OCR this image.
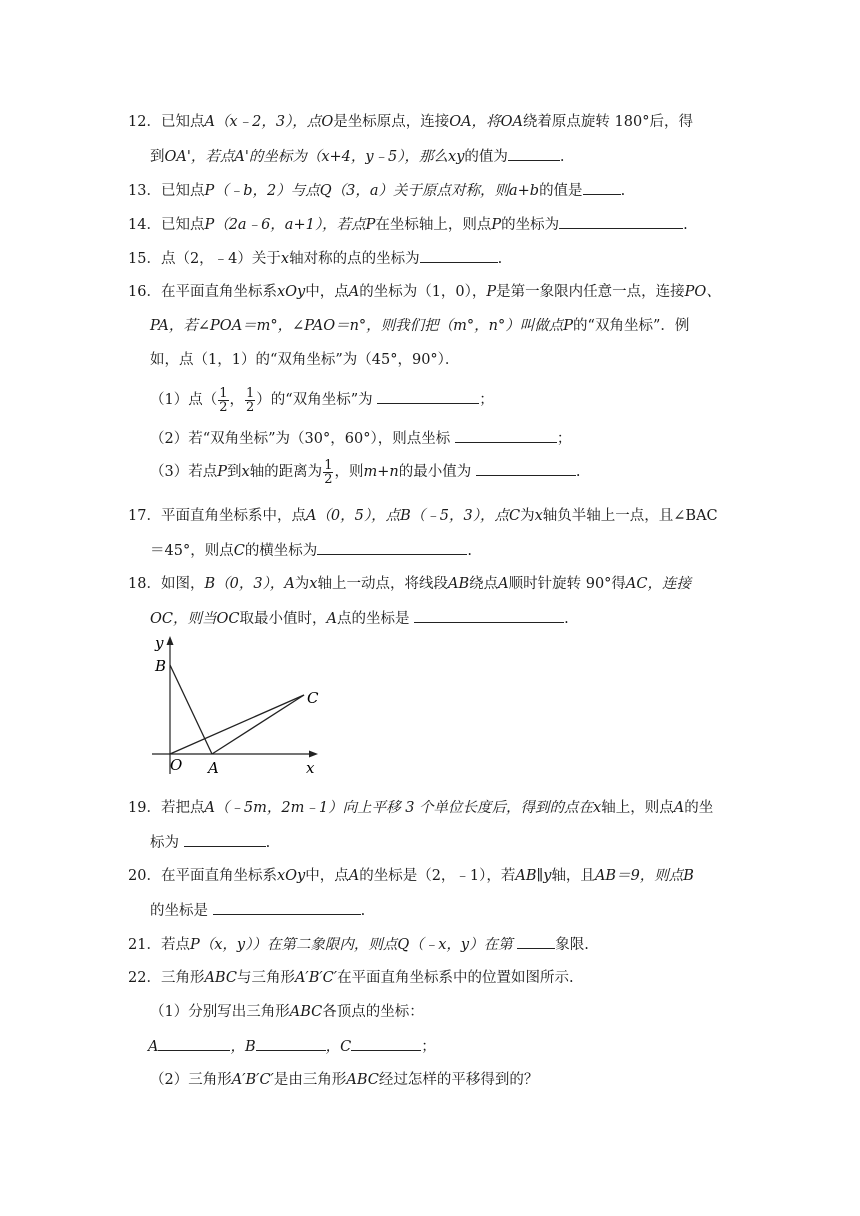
12．已知点A（x﹣2，3），点O是坐标原点，连接OA，将OA绕着原点旋转 180°后，得
到OA'，若点A'的坐标为（x+4，y﹣5），那么xy的值为	.
13．已知点P（﹣b，2）与点Q（3，a）关于原点对称，则a+b的值是	.
14．已知点P（2a﹣6，a+1），若点P在坐标轴上，则点P的坐标为	.
15．点（2，﹣4）关于x轴对称的点的坐标为	.
16．在平面直角坐标系xOy中，点A的坐标为（1，0），P是第一象限内任意一点，连接PO、
PA，若∠POA＝m°，∠PAO＝n°，则我们把（m°，n°）叫做点P的“双角坐标”．例
如，点（1，1）的“双角坐标”为（45°，90°）．
（1）点（ $\frac{1}{2}$ ， $\frac{1}{2}$ ）的“双角坐标”为	；
（2）若“双角坐标”为（30°，60°），则点坐标	；
（3）若点P到x轴的距离为 $\frac{1}{2}$ ，则m+n的最小值为	.
17．平面直角坐标系中，点A（0，5），点B（﹣5，3），点C为x轴负半轴上一点，且∠BAC
＝45°，则点C的横坐标为	.
18．如图，B（0，3），A为x轴上一动点，将线段AB绕点A顺时针旋转 90°得AC，连接
OC，则当OC取最小值时，A点的坐标是	.
y
B
C
O A	x
19．若把点A（﹣5m，2m﹣1）向上平移 3 个单位长度后，得到的点在x轴上，则点A的坐
标为	.
20．在平面直角坐标系xOy中，点A的坐标是（2，﹣1），若AB∥y轴，且AB＝9，则点B
的坐标是	.
21．若点P（x，y））在第二象限内，则点Q（﹣x，y）在第	象限.
22．三角形ABC与三角形A′B′C′在平面直角坐标系中的位置如图所示.
（1）分别写出三角形ABC各顶点的坐标：
A	，B	，C	；
（2）三角形A′B′C′是由三角形ABC经过怎样的平移得到的？
